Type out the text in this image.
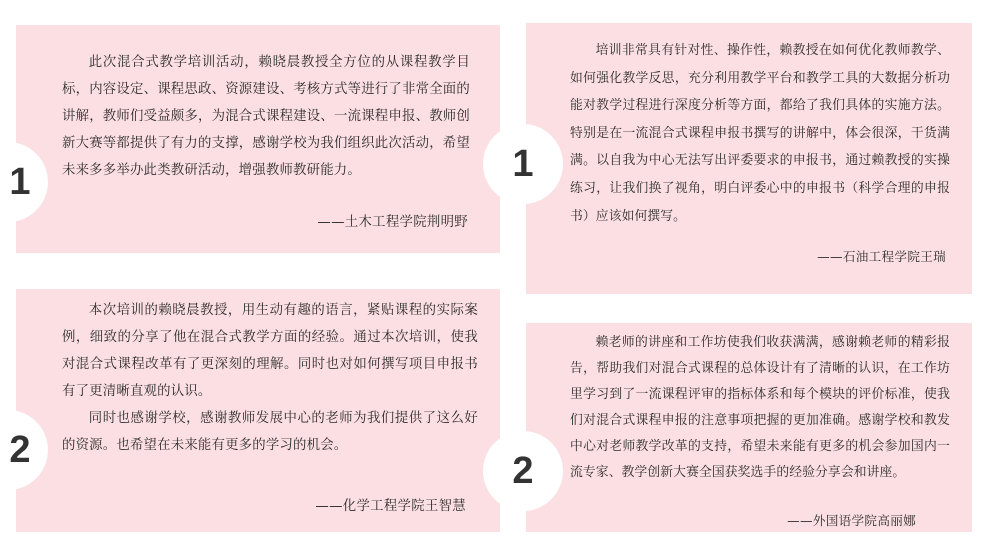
此次混合式教学培训活动，赖晓晨教授全方位的从课程教学目标，内容设定、课程思政、资源建设、考核方式等进行了非常全面的讲解，教师们受益颇多，为混合式课程建设、一流课程申报、教师创新大赛等都提供了有力的支撑，感谢学校为我们组织此次活动，希望未来多多举办此类教研活动，增强教师教研能力。

——土木工程学院荆明野

培训非常具有针对性、操作性，赖教授在如何优化教师教学、如何强化教学反思，充分利用教学平台和教学工具的大数据分析功能对教学过程进行深度分析等方面，都给了我们具体的实施方法。特别是在一流混合式课程申报书撰写的讲解中，体会很深，干货满满。以自我为中心无法写出评委要求的申报书，通过赖教授的实操练习，让我们换了视角，明白评委心中的申报书（科学合理的申报书）应该如何撰写。

——石油工程学院王瑞

本次培训的赖晓晨教授，用生动有趣的语言，紧贴课程的实际案例，细致的分享了他在混合式教学方面的经验。通过本次培训，使我对混合式课程改革有了更深刻的理解。同时也对如何撰写项目申报书有了更清晰直观的认识。

同时也感谢学校，感谢教师发展中心的老师为我们提供了这么好的资源。也希望在未来能有更多的学习的机会。

——化学工程学院王智慧

赖老师的讲座和工作坊使我们收获满满，感谢赖老师的精彩报告，帮助我们对混合式课程的总体设计有了清晰的认识，在工作坊里学习到了一流课程评审的指标体系和每个模块的评价标准，使我们对混合式课程申报的注意事项把握的更加准确。感谢学校和教发中心对老师教学改革的支持，希望未来能有更多的机会参加国内一流专家、教学创新大赛全国获奖选手的经验分享会和讲座。

——外国语学院高丽娜
1	1
2	2
